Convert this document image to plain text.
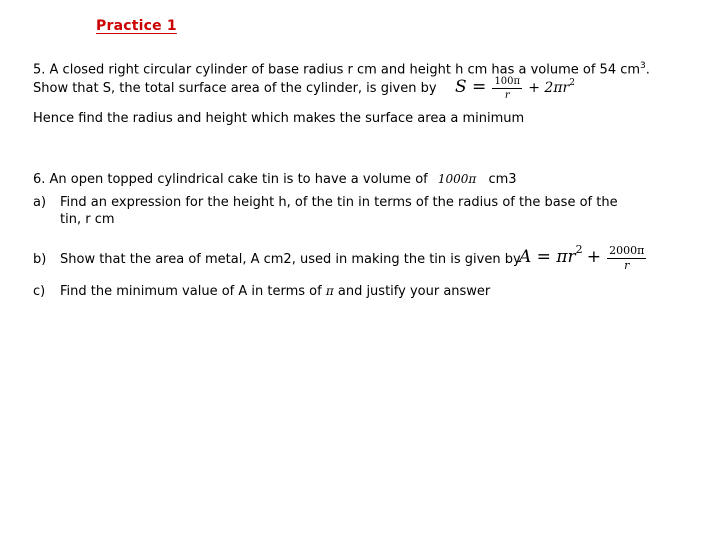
Practice 1
5. A closed right circular cylinder of base radius r cm and height h cm has a volume of 54 $cm^3$.
Show that S, the total surface area of the cylinder, is given by $S = \frac{100\pi}{r} + 2\pi r^2$
Hence find the radius and height which makes the surface area a minimum
6. An open topped cylindrical cake tin is to have a volume of 1000π cm3
a) Find an expression for the height h, of the tin in terms of the radius of the base of the
tin, r cm
b) Show that the area of metal, A cm2, used in making the tin is given by
$A = \pi r^2 + \frac{2000\pi}{r}$
c) Find the minimum value of A in terms of π and justify your answer
